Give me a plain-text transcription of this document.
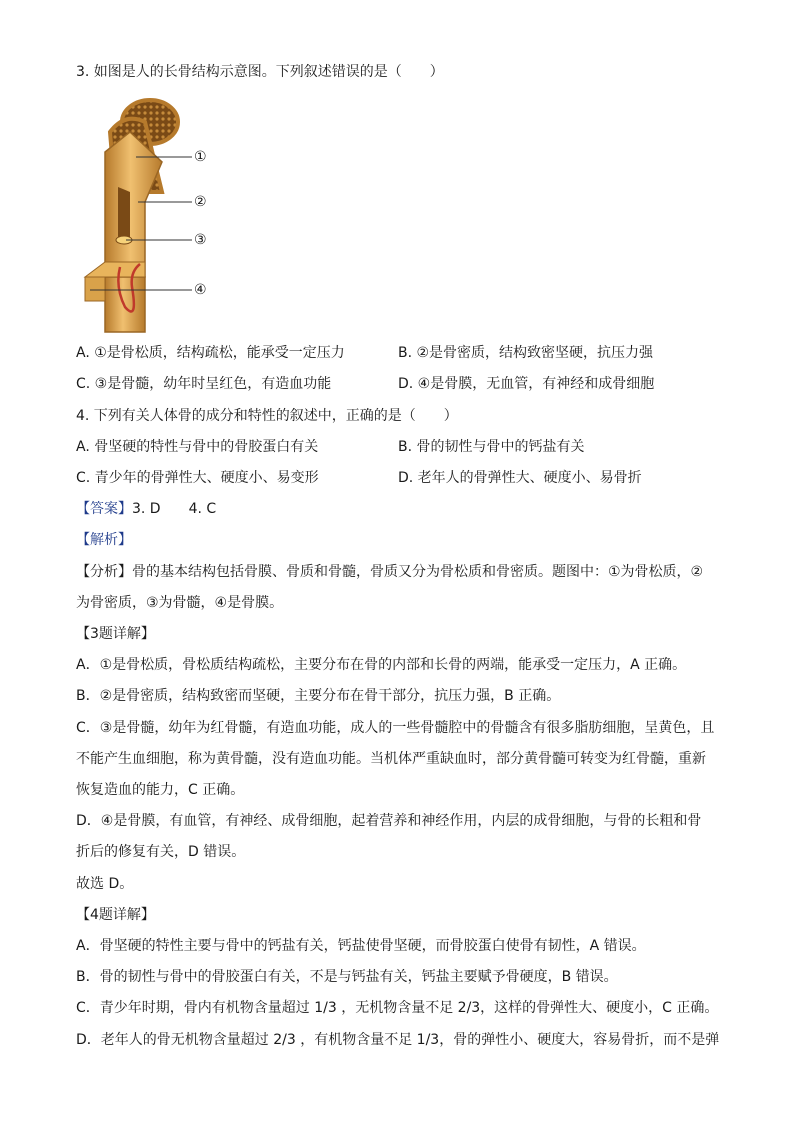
3. 如图是人的长骨结构示意图。下列叙述错误的是（　　）
①
②
③
④
A. ①是骨松质，结构疏松，能承受一定压力	B. ②是骨密质，结构致密坚硬，抗压力强
C. ③是骨髓，幼年时呈红色，有造血功能	D. ④是骨膜，无血管，有神经和成骨细胞
4. 下列有关人体骨的成分和特性的叙述中，正确的是（　　）
A. 骨坚硬的特性与骨中的骨胶蛋白有关	B. 骨的韧性与骨中的钙盐有关
C. 青少年的骨弹性大、硬度小、易变形	D. 老年人的骨弹性大、硬度小、易骨折
【答案】3. D　　4. C
【解析】
【分析】骨的基本结构包括骨膜、骨质和骨髓，骨质又分为骨松质和骨密质。题图中：①为骨松质，②
为骨密质，③为骨髓，④是骨膜。
【3题详解】
A．①是骨松质，骨松质结构疏松，主要分布在骨的内部和长骨的两端，能承受一定压力，A 正确。
B．②是骨密质，结构致密而坚硬，主要分布在骨干部分，抗压力强，B 正确。
C．③是骨髓，幼年为红骨髓，有造血功能，成人的一些骨髓腔中的骨髓含有很多脂肪细胞，呈黄色，且
不能产生血细胞，称为黄骨髓，没有造血功能。当机体严重缺血时，部分黄骨髓可转变为红骨髓，重新
恢复造血的能力，C 正确。
D．④是骨膜，有血管，有神经、成骨细胞，起着营养和神经作用，内层的成骨细胞，与骨的长粗和骨
折后的修复有关，D 错误。
故选 D。
【4题详解】
A．骨坚硬的特性主要与骨中的钙盐有关，钙盐使骨坚硬，而骨胶蛋白使骨有韧性，A 错误。
B．骨的韧性与骨中的骨胶蛋白有关，不是与钙盐有关，钙盐主要赋予骨硬度，B 错误。
C．青少年时期，骨内有机物含量超过 1/3 ，无机物含量不足 2/3，这样的骨弹性大、硬度小，C 正确。
D．老年人的骨无机物含量超过 2/3 ，有机物含量不足 1/3，骨的弹性小、硬度大，容易骨折，而不是弹
